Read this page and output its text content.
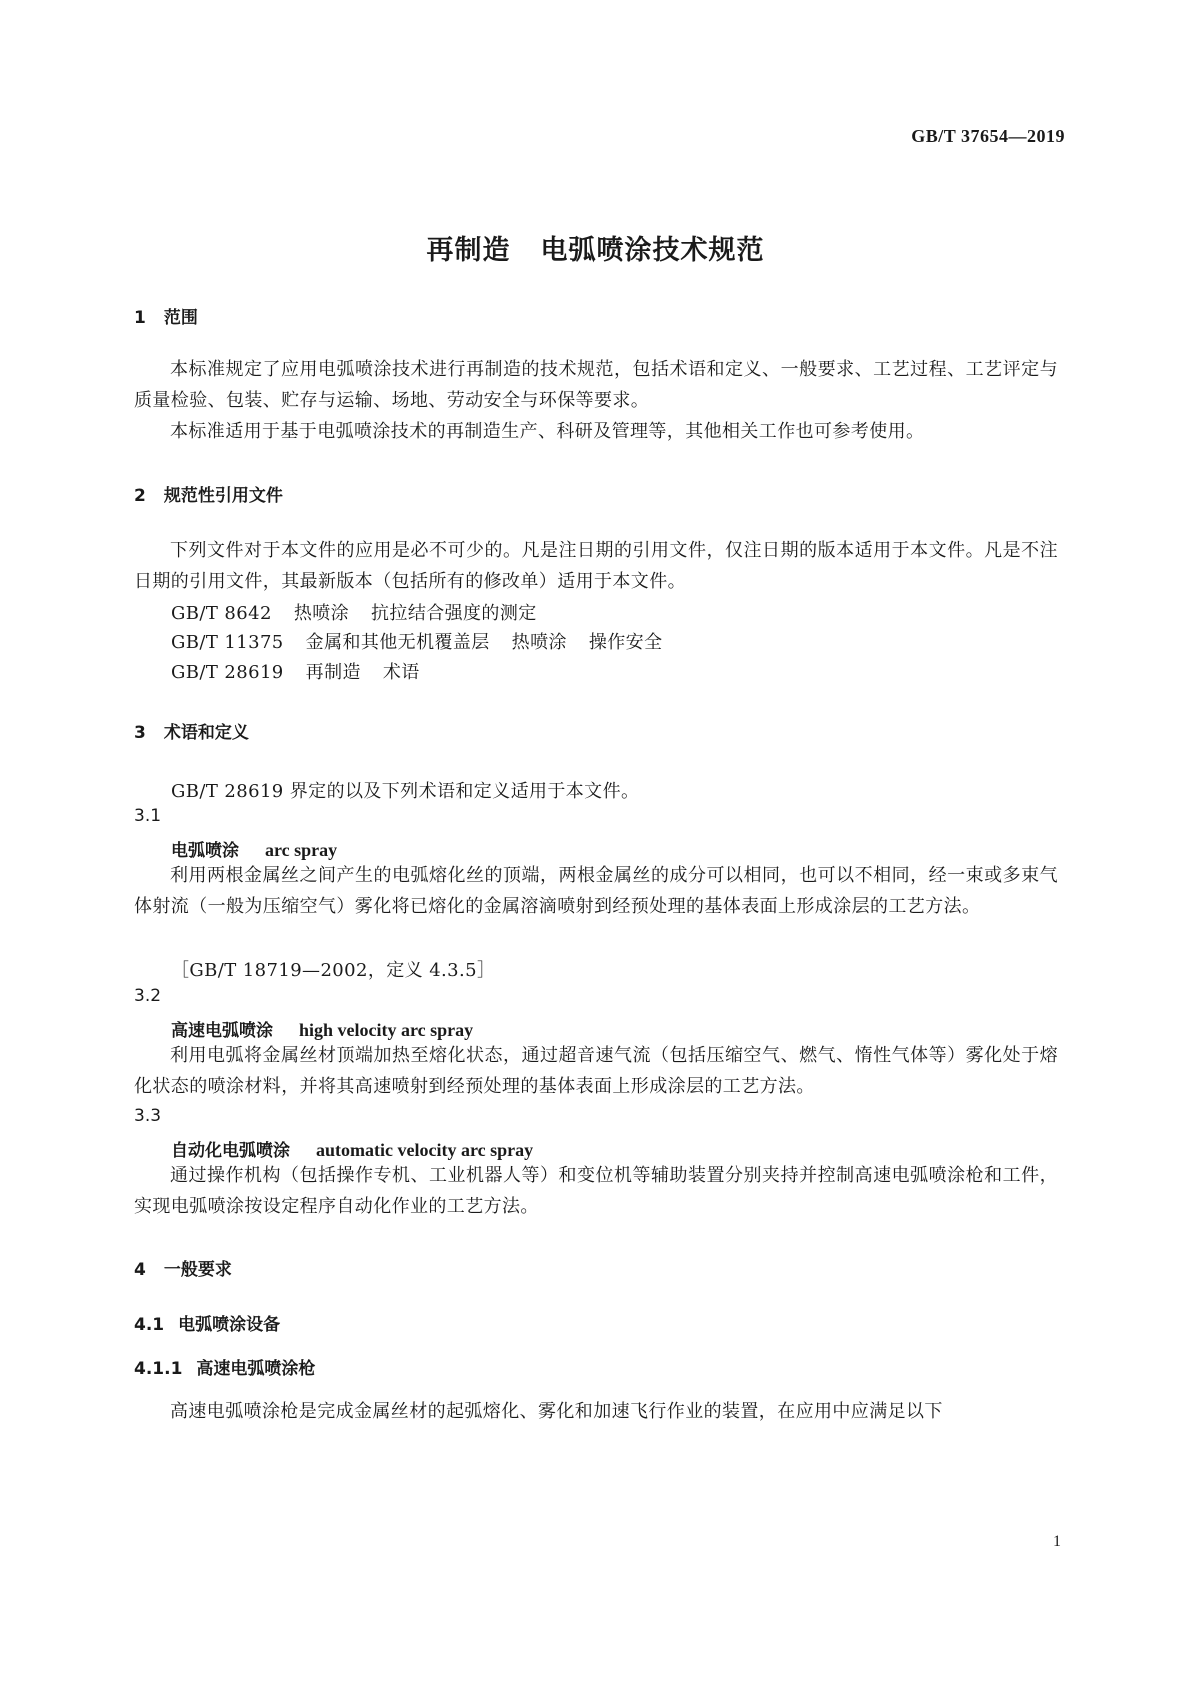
GB/T 37654—2019
再制造 电弧喷涂技术规范
1 范围
本标准规定了应用电弧喷涂技术进行再制造的技术规范，包括术语和定义、一般要求、工艺过程、工艺评定与质量检验、包装、贮存与运输、场地、劳动安全与环保等要求。
本标准适用于基于电弧喷涂技术的再制造生产、科研及管理等，其他相关工作也可参考使用。
2 规范性引用文件
下列文件对于本文件的应用是必不可少的。凡是注日期的引用文件，仅注日期的版本适用于本文件。凡是不注日期的引用文件，其最新版本（包括所有的修改单）适用于本文件。
GB/T 8642 热喷涂 抗拉结合强度的测定
GB/T 11375 金属和其他无机覆盖层 热喷涂 操作安全
GB/T 28619 再制造 术语
3 术语和定义
GB/T 28619 界定的以及下列术语和定义适用于本文件。
3.1
电弧喷涂 arc spray
利用两根金属丝之间产生的电弧熔化丝的顶端，两根金属丝的成分可以相同，也可以不相同，经一束或多束气体射流（一般为压缩空气）雾化将已熔化的金属溶滴喷射到经预处理的基体表面上形成涂层的工艺方法。
［GB/T 18719—2002，定义 4.3.5］
3.2
高速电弧喷涂 high velocity arc spray
利用电弧将金属丝材顶端加热至熔化状态，通过超音速气流（包括压缩空气、燃气、惰性气体等）雾化处于熔化状态的喷涂材料，并将其高速喷射到经预处理的基体表面上形成涂层的工艺方法。
3.3
自动化电弧喷涂 automatic velocity arc spray
通过操作机构（包括操作专机、工业机器人等）和变位机等辅助装置分别夹持并控制高速电弧喷涂枪和工件，实现电弧喷涂按设定程序自动化作业的工艺方法。
4 一般要求
4.1 电弧喷涂设备
4.1.1 高速电弧喷涂枪
高速电弧喷涂枪是完成金属丝材的起弧熔化、雾化和加速飞行作业的装置，在应用中应满足以下
1
